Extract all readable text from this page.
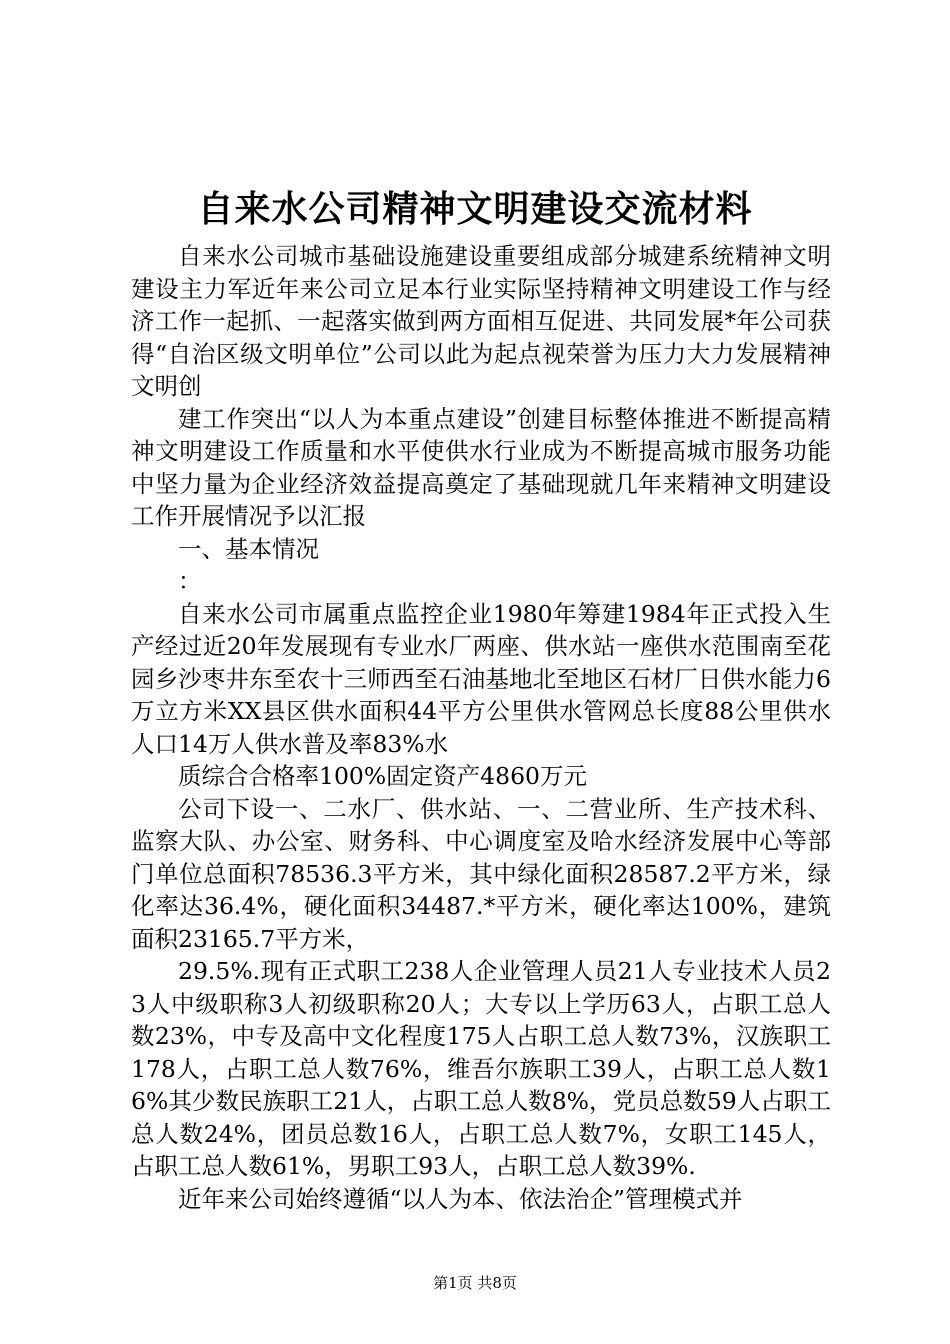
自来水公司精神文明建设交流材料

自来水公司城市基础设施建设重要组成部分城建系统精神文明建设主力军近年来公司立足本行业实际坚持精神文明建设工作与经济工作一起抓、一起落实做到两方面相互促进、共同发展*年公司获得“自治区级文明单位”公司以此为起点视荣誉为压力大力发展精神文明创

建工作突出“以人为本重点建设”创建目标整体推进不断提高精神文明建设工作质量和水平使供水行业成为不断提高城市服务功能中坚力量为企业经济效益提高奠定了基础现就几年来精神文明建设工作开展情况予以汇报

一、基本情况

：

自来水公司市属重点监控企业1980年筹建1984年正式投入生产经过近20年发展现有专业水厂两座、供水站一座供水范围南至花园乡沙枣井东至农十三师西至石油基地北至地区石材厂日供水能力6万立方米XX县区供水面积44平方公里供水管网总长度88公里供水人口14万人供水普及率83%水

质综合合格率100%固定资产4860万元

公司下设一、二水厂、供水站、一、二营业所、生产技术科、监察大队、办公室、财务科、中心调度室及哈水经济发展中心等部门单位总面积78536.3平方米，其中绿化面积28587.2平方米，绿化率达36.4%，硬化面积34487.*平方米，硬化率达100%，建筑面积23165.7平方米，

29.5%.现有正式职工238人企业管理人员21人专业技术人员23人中级职称3人初级职称20人；大专以上学历63人，占职工总人数23%，中专及高中文化程度175人占职工总人数73%，汉族职工178人，占职工总人数76%，维吾尔族职工39人，占职工总人数16%其少数民族职工21人，占职工总人数8%，党员总数59人占职工总人数24%，团员总数16人，占职工总人数7%，女职工145人，占职工总人数61%，男职工93人，占职工总人数39%.

近年来公司始终遵循“以人为本、依法治企”管理模式并

第1页 共8页
